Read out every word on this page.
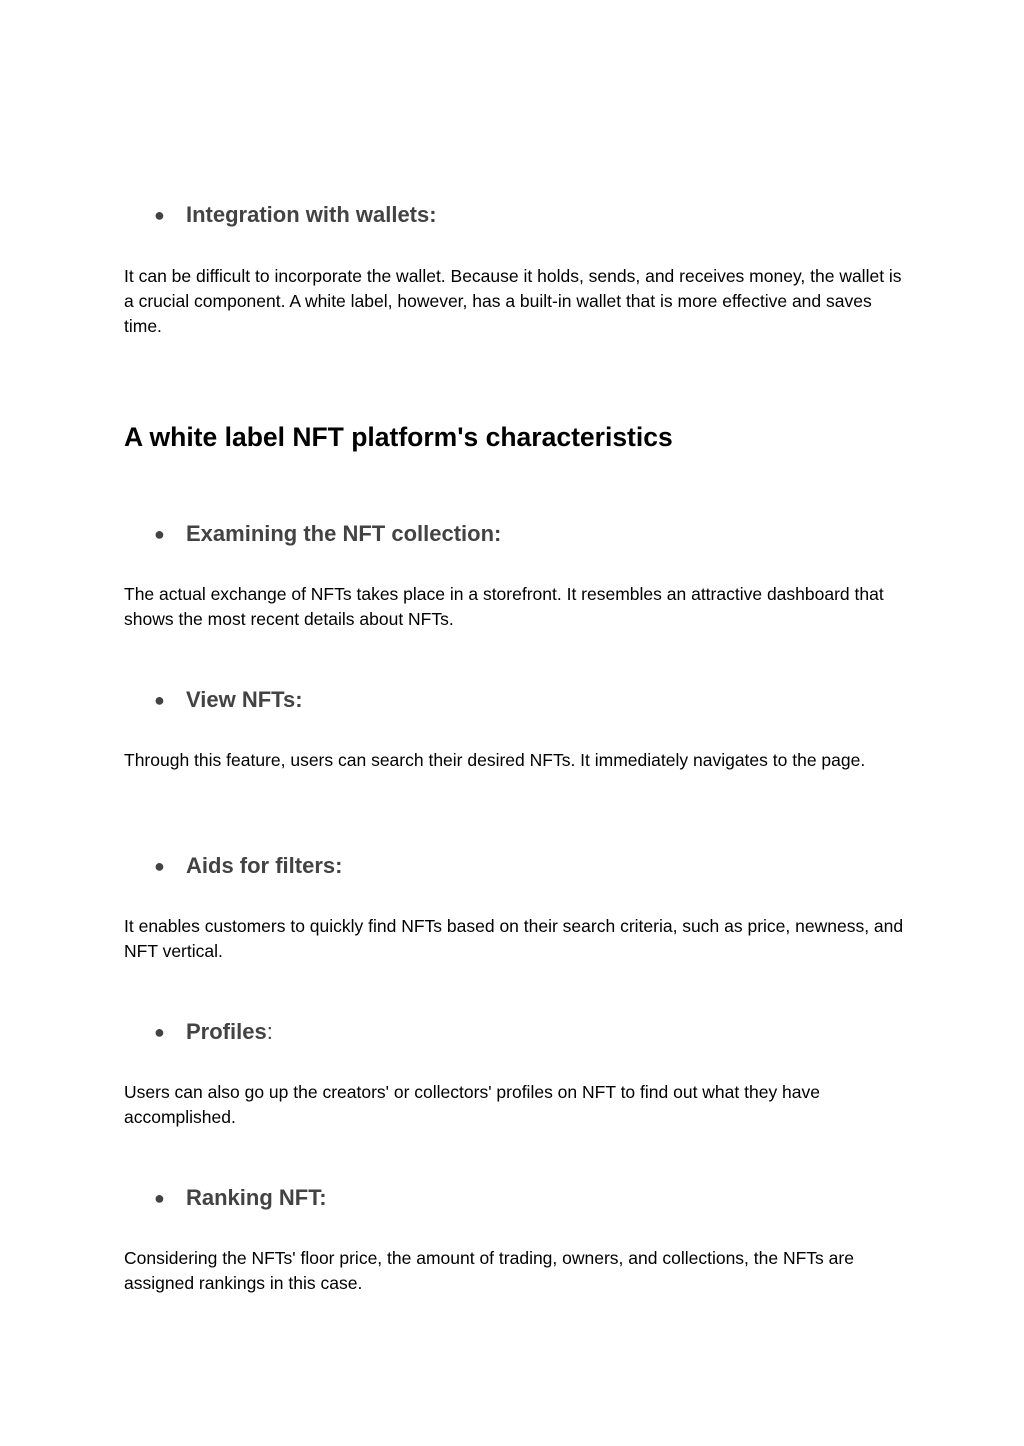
● Integration with wallets:

It can be difficult to incorporate the wallet. Because it holds, sends, and receives money, the wallet is a crucial component. A white label, however, has a built-in wallet that is more effective and saves time.

A white label NFT platform's characteristics
● Examining the NFT collection:

The actual exchange of NFTs takes place in a storefront. It resembles an attractive dashboard that shows the most recent details about NFTs.

● View NFTs:

Through this feature, users can search their desired NFTs. It immediately navigates to the page.

● Aids for filters:

It enables customers to quickly find NFTs based on their search criteria, such as price, newness, and NFT vertical.

● Profiles:

Users can also go up the creators' or collectors' profiles on NFT to find out what they have accomplished.

● Ranking NFT:

Considering the NFTs' floor price, the amount of trading, owners, and collections, the NFTs are assigned rankings in this case.
